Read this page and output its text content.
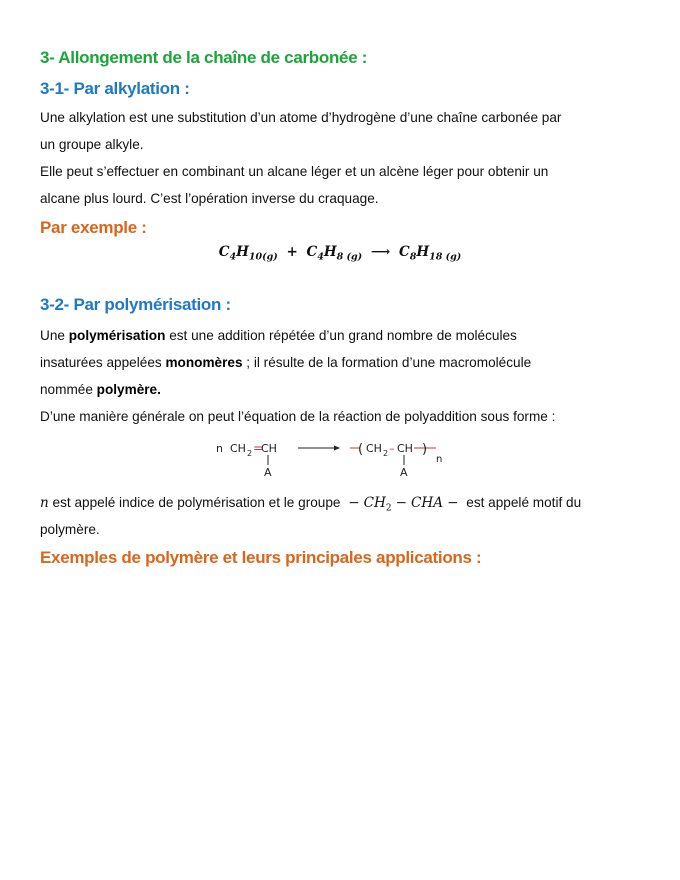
3- Allongement de la chaîne de carbonée :
3-1- Par alkylation :
Une alkylation est une substitution d’un atome d’hydrogène d’une chaîne carbonée par
un groupe alkyle.
Elle peut s’effectuer en combinant un alcane léger et un alcène léger pour obtenir un
alcane plus lourd. C’est l’opération inverse du craquage.
Par exemple :
$C_4H_{10(g)} + C_4H_{8 (g)}$ ⟶ $C_8H_{18 (g)}$
3-2- Par polymérisation :
Une polymérisation est une addition répétée d’un grand nombre de molécules
insaturées appelées monomères ; il résulte de la formation d’une macromolécule
nommée polymère.
D’une manière générale on peut l’équation de la réaction de polyaddition sous forme :
n CH 2 =
CH
A
( CH 2 – CH
A
)
n
n est appelé indice de polymérisation et le groupe − $CH_2$ − CHA − est appelé motif du
polymère.
Exemples de polymère et leurs principales applications :
